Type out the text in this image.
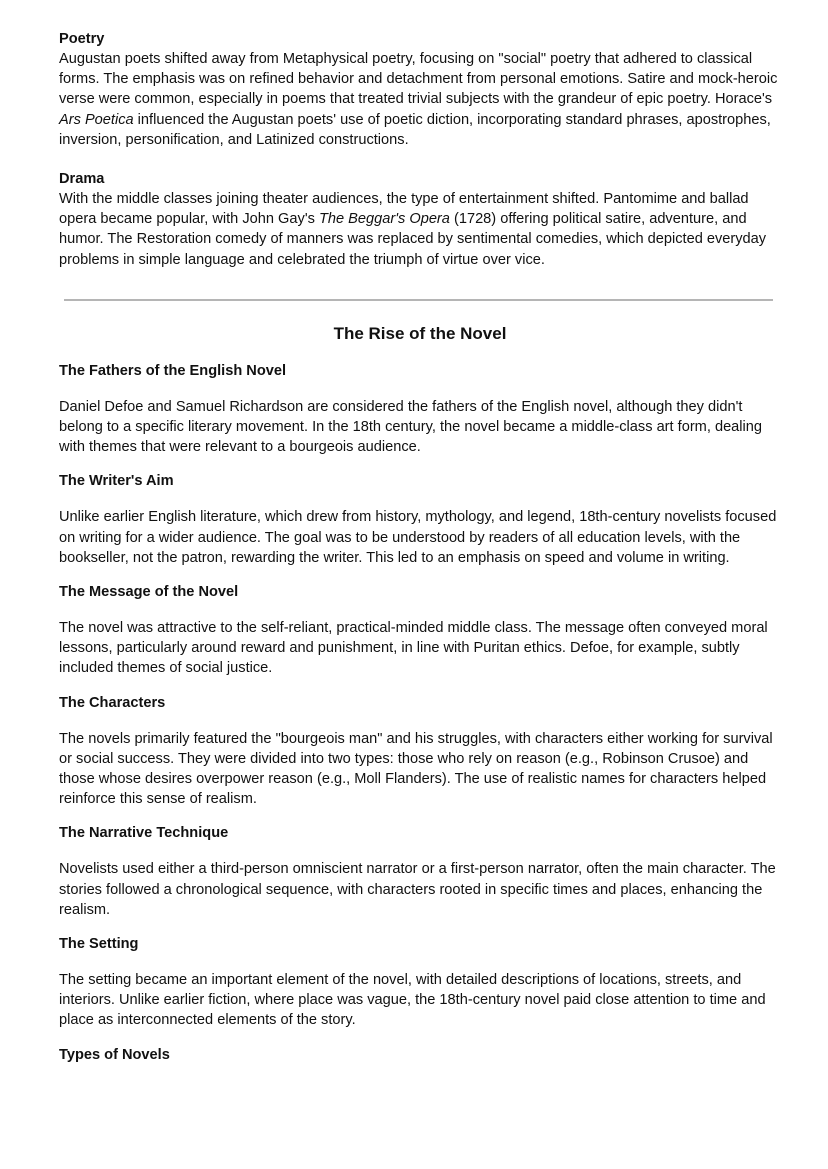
Poetry

Augustan poets shifted away from Metaphysical poetry, focusing on "social" poetry that adhered to classical forms. The emphasis was on refined behavior and detachment from personal emotions. Satire and mock-heroic verse were common, especially in poems that treated trivial subjects with the grandeur of epic poetry. Horace's Ars Poetica influenced the Augustan poets' use of poetic diction, incorporating standard phrases, apostrophes, inversion, personification, and Latinized constructions.

Drama

With the middle classes joining theater audiences, the type of entertainment shifted. Pantomime and ballad opera became popular, with John Gay's The Beggar's Opera (1728) offering political satire, adventure, and humor. The Restoration comedy of manners was replaced by sentimental comedies, which depicted everyday problems in simple language and celebrated the triumph of virtue over vice.

The Rise of the Novel

The Fathers of the English Novel

Daniel Defoe and Samuel Richardson are considered the fathers of the English novel, although they didn't belong to a specific literary movement. In the 18th century, the novel became a middle-class art form, dealing with themes that were relevant to a bourgeois audience.

The Writer's Aim

Unlike earlier English literature, which drew from history, mythology, and legend, 18th-century novelists focused on writing for a wider audience. The goal was to be understood by readers of all education levels, with the bookseller, not the patron, rewarding the writer. This led to an emphasis on speed and volume in writing.

The Message of the Novel

The novel was attractive to the self-reliant, practical-minded middle class. The message often conveyed moral lessons, particularly around reward and punishment, in line with Puritan ethics. Defoe, for example, subtly included themes of social justice.

The Characters

The novels primarily featured the "bourgeois man" and his struggles, with characters either working for survival or social success. They were divided into two types: those who rely on reason (e.g., Robinson Crusoe) and those whose desires overpower reason (e.g., Moll Flanders). The use of realistic names for characters helped reinforce this sense of realism.

The Narrative Technique

Novelists used either a third-person omniscient narrator or a first-person narrator, often the main character. The stories followed a chronological sequence, with characters rooted in specific times and places, enhancing the realism.

The Setting

The setting became an important element of the novel, with detailed descriptions of locations, streets, and interiors. Unlike earlier fiction, where place was vague, the 18th-century novel paid close attention to time and place as interconnected elements of the story.

Types of Novels
